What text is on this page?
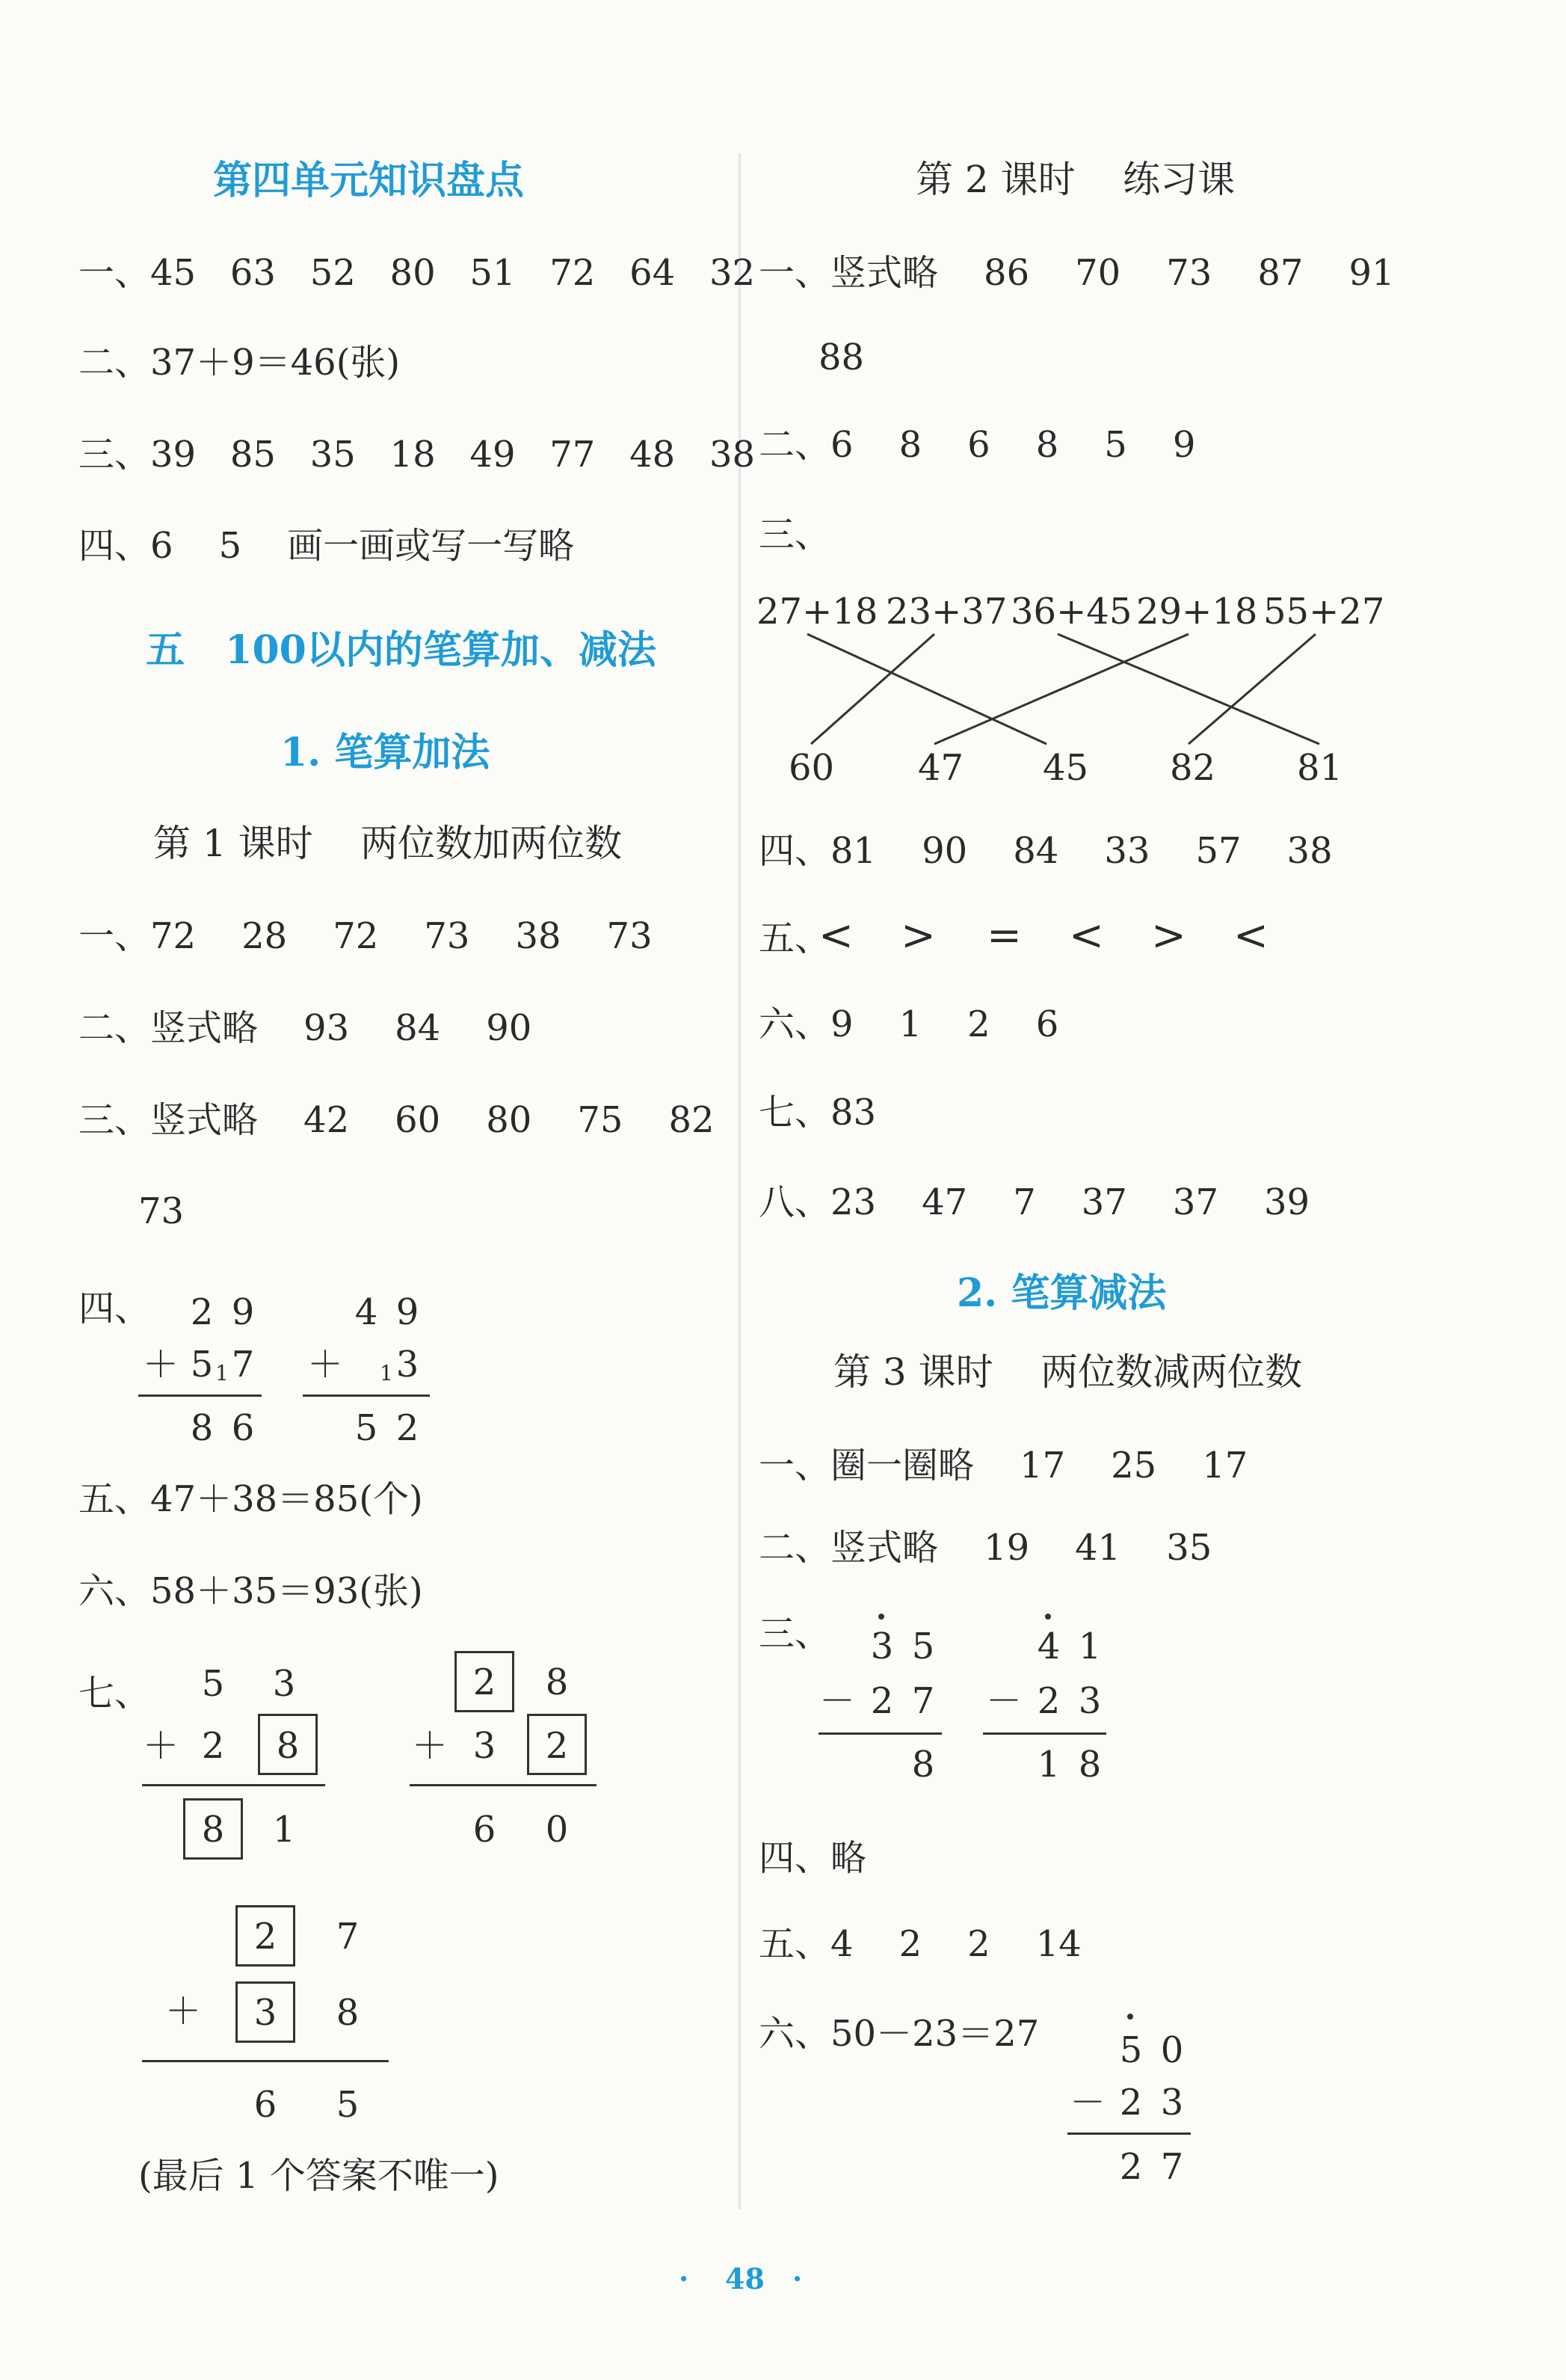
第四单元知识盘点
一、45   63   52   80   51   72   64   32
二、37＋9＝46(张)
三、39   85   35   18   49   77   48   38
四、6    5    画一画或写一写略
五   100以内的笔算加、减法
1. 笔算加法
第 1 课时    两位数加两位数
一、72    28    72    73    38    73
二、竖式略    93    84    90
三、竖式略    42    60    80    75    82
73
四、 2 9
＋ 5 1 7
8 6
4 9
＋ 1 3
5 2
五、47＋38＝85(个)
六、58＋35＝93(张)
七、 5 3
＋ 2 8
8 1
2 8
＋ 3 2
6 0
2 7
＋ 3 8
6 5
(最后 1 个答案不唯一)
第 2 课时    练习课
一、竖式略    86    70    73    87    91
88
二、6    8    6    8    5    9
三、
27+18 23+37 36+45 29+18 55+27
60 47 45 82 81
四、81    90    84    33    57    38
五、
< > = < > <
六、9    1    2    6
七、83
八、23    47    7    37    37    39
2. 笔算减法
第 3 课时    两位数减两位数
一、圈一圈略    17    25    17
二、竖式略    19    41    35
三、 3 5
－ 2 7
8
4 1
－ 2 3
1 8
四、略
五、4    2    2    14
六、50－23＝27 5 0
－ 2 3
2 7
· 48 ·
